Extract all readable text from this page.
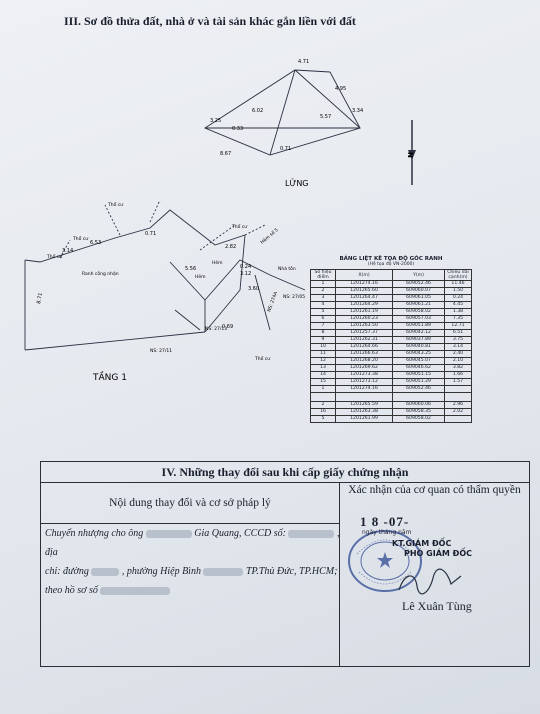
III. Sơ đồ thửa đất, nhà ở và tài sản khác gắn liền với đất
4.71
0.33
3.25
8.67
6.02
4.95
3.34
5.57
0.71
LỬNG
N
8.71
3.14
6.53
0.71
2.82
3.12
5.56	0.24
3.60
0.69
Thổ cư
Thổ cư
Thổ cư
Thổ cư
Thổ cư
Hẻm
Hẻm
Hẻm số 5
Ranh công nhận
Nhà tôn
NS: 27/11
NS: 27/13
NS: 274A NS: 27/05
TẦNG 1
BẢNG LIỆT KÊ TỌA ĐỘ GÓC RANH
(Hệ tọa độ VN-2000)
Số hiệu điểm	X(m)	Y(m)	Chiều dài cạnh(m)
1	1201274.16	609052.46	11.46
2	1201265.60	609060.07	1.50
3	1201264.47	609061.05	0.24
4	1201264.29	609061.21	4.45
5	1201261.19	609058.02	1.38
6	1201260.23	609057.03	7.35
7	1201263.50	609051.89	12.71
8	1201257.37	609042.12	6.51
9	1201262.31	609037.89	3.75
10	1201264.66	609040.81	3.14
11	1201266.63	609043.25	2.40
12	1201268.20	609045.07	2.10
13	1201269.62	609046.62	3.82
14	1201273.38	609051.15	1.66
15	1201273.12	609051.29	1.57
1	1201274.16	609052.46	

2	1201265.59	609060.06	2.96
16	1201263.38	609058.35	2.02
5	1201261.99	609058.02	
IV. Những thay đổi sau khi cấp giấy chứng nhận
Nội dung thay đổi và cơ sở pháp lý
Xác nhận của cơ quan có thẩm quyền
Chuyển nhượng cho ông	Gia Quang, CCCD số:	, địa
chỉ: đường	, phường Hiệp Bình	TP.Thủ Đức, TP.HCM;
theo hồ sơ số
1 8 -07-
ngày tháng năm
KT.GIÁM ĐỐC
PHÓ GIÁM ĐỐC
Lê Xuân Tùng
